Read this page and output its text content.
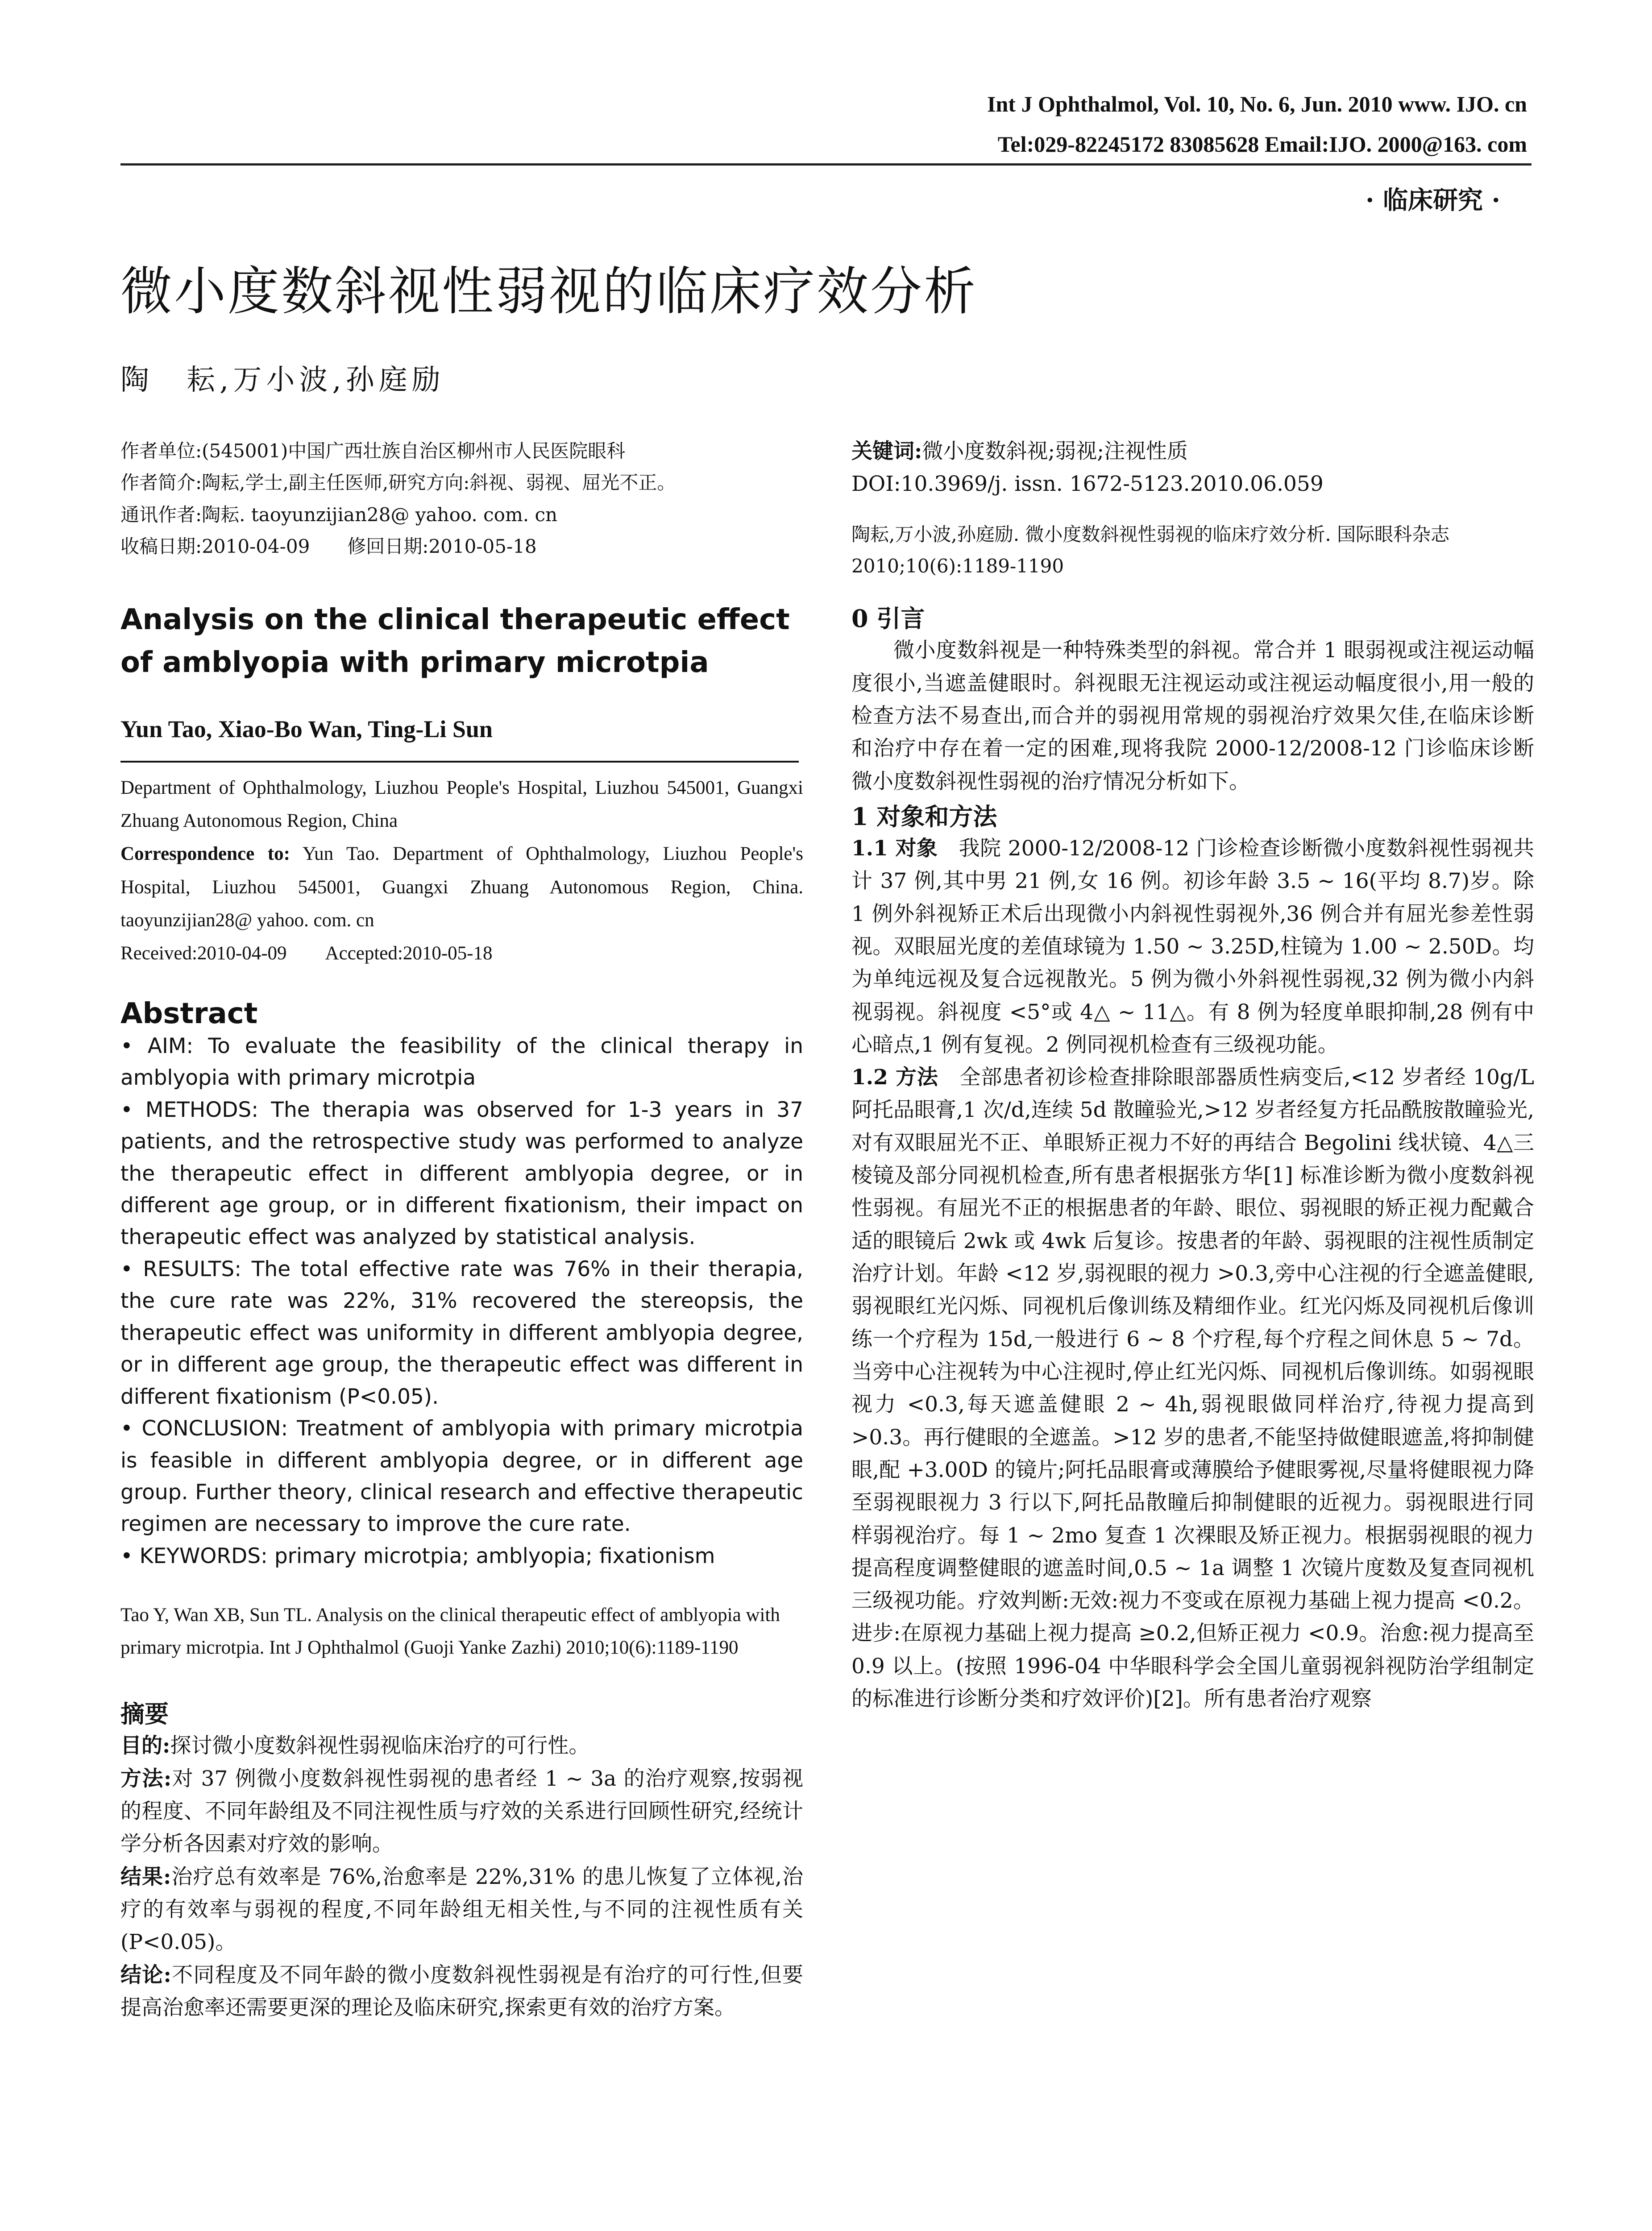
Int J Ophthalmol, Vol. 10, No. 6, Jun. 2010 www. IJO. cn
Tel:029-82245172 83085628 Email:IJO. 2000@163. com
· 临床研究 ·
微小度数斜视性弱视的临床疗效分析
陶　耘,万小波,孙庭励
作者单位:(545001)中国广西壮族自治区柳州市人民医院眼科
作者简介:陶耘,学士,副主任医师,研究方向:斜视、弱视、屈光不正。
通讯作者:陶耘. taoyunzijian28@ yahoo. com. cn
收稿日期:2010-04-09　　修回日期:2010-05-18
Analysis on the clinical therapeutic effect of amblyopia with primary microtpia
Yun Tao, Xiao-Bo Wan, Ting-Li Sun
Department of Ophthalmology, Liuzhou People's Hospital, Liuzhou 545001, Guangxi Zhuang Autonomous Region, China
Correspondence to: Yun Tao. Department of Ophthalmology, Liuzhou People's Hospital, Liuzhou 545001, Guangxi Zhuang Autonomous Region, China. taoyunzijian28@ yahoo. com. cn
Received:2010-04-09　　Accepted:2010-05-18
Abstract

• AIM: To evaluate the feasibility of the clinical therapy in amblyopia with primary microtpia

• METHODS: The therapia was observed for 1-3 years in 37 patients, and the retrospective study was performed to analyze the therapeutic effect in different amblyopia degree, or in different age group, or in different fixationism, their impact on therapeutic effect was analyzed by statistical analysis.

• RESULTS: The total effective rate was 76% in their therapia, the cure rate was 22%, 31% recovered the stereopsis, the therapeutic effect was uniformity in different amblyopia degree, or in different age group, the therapeutic effect was different in different fixationism (P<0.05).

• CONCLUSION: Treatment of amblyopia with primary microtpia is feasible in different amblyopia degree, or in different age group. Further theory, clinical research and effective therapeutic regimen are necessary to improve the cure rate.

• KEYWORDS: primary microtpia; amblyopia; fixationism

Tao Y, Wan XB, Sun TL. Analysis on the clinical therapeutic effect of amblyopia with primary microtpia. Int J Ophthalmol (Guoji Yanke Zazhi) 2010;10(6):1189-1190
摘要

目的:探讨微小度数斜视性弱视临床治疗的可行性。

方法:对 37 例微小度数斜视性弱视的患者经 1 ~ 3a 的治疗观察,按弱视的程度、不同年龄组及不同注视性质与疗效的关系进行回顾性研究,经统计学分析各因素对疗效的影响。

结果:治疗总有效率是 76%,治愈率是 22%,31% 的患儿恢复了立体视,治疗的有效率与弱视的程度,不同年龄组无相关性,与不同的注视性质有关(P<0.05)。

结论:不同程度及不同年龄的微小度数斜视性弱视是有治疗的可行性,但要提高治愈率还需要更深的理论及临床研究,探索更有效的治疗方案。

关键词:微小度数斜视;弱视;注视性质

DOI:10.3969/j. issn. 1672-5123.2010.06.059

陶耘,万小波,孙庭励. 微小度数斜视性弱视的临床疗效分析. 国际眼科杂志 2010;10(6):1189-1190
0 引言

微小度数斜视是一种特殊类型的斜视。常合并 1 眼弱视或注视运动幅度很小,当遮盖健眼时。斜视眼无注视运动或注视运动幅度很小,用一般的检查方法不易查出,而合并的弱视用常规的弱视治疗效果欠佳,在临床诊断和治疗中存在着一定的困难,现将我院 2000-12/2008-12 门诊临床诊断微小度数斜视性弱视的治疗情况分析如下。

1 对象和方法

1.1 对象　我院 2000-12/2008-12 门诊检查诊断微小度数斜视性弱视共计 37 例,其中男 21 例,女 16 例。初诊年龄 3.5 ~ 16(平均 8.7)岁。除 1 例外斜视矫正术后出现微小内斜视性弱视外,36 例合并有屈光参差性弱视。双眼屈光度的差值球镜为 1.50 ~ 3.25D,柱镜为 1.00 ~ 2.50D。均为单纯远视及复合远视散光。5 例为微小外斜视性弱视,32 例为微小内斜视弱视。斜视度 <5°或 4△ ~ 11△。有 8 例为轻度单眼抑制,28 例有中心暗点,1 例有复视。2 例同视机检查有三级视功能。

1.2 方法　全部患者初诊检查排除眼部器质性病变后,<12 岁者经 10g/L 阿托品眼膏,1 次/d,连续 5d 散瞳验光,>12 岁者经复方托品酰胺散瞳验光,对有双眼屈光不正、单眼矫正视力不好的再结合 Begolini 线状镜、4△三棱镜及部分同视机检查,所有患者根据张方华[1] 标准诊断为微小度数斜视性弱视。有屈光不正的根据患者的年龄、眼位、弱视眼的矫正视力配戴合适的眼镜后 2wk 或 4wk 后复诊。按患者的年龄、弱视眼的注视性质制定治疗计划。年龄 <12 岁,弱视眼的视力 >0.3,旁中心注视的行全遮盖健眼,弱视眼红光闪烁、同视机后像训练及精细作业。红光闪烁及同视机后像训练一个疗程为 15d,一般进行 6 ~ 8 个疗程,每个疗程之间休息 5 ~ 7d。当旁中心注视转为中心注视时,停止红光闪烁、同视机后像训练。如弱视眼视力 <0.3,每天遮盖健眼 2 ~ 4h,弱视眼做同样治疗,待视力提高到 >0.3。再行健眼的全遮盖。>12 岁的患者,不能坚持做健眼遮盖,将抑制健眼,配 +3.00D 的镜片;阿托品眼膏或薄膜给予健眼雾视,尽量将健眼视力降至弱视眼视力 3 行以下,阿托品散瞳后抑制健眼的近视力。弱视眼进行同样弱视治疗。每 1 ~ 2mo 复查 1 次裸眼及矫正视力。根据弱视眼的视力提高程度调整健眼的遮盖时间,0.5 ~ 1a 调整 1 次镜片度数及复查同视机三级视功能。疗效判断:无效:视力不变或在原视力基础上视力提高 <0.2。进步:在原视力基础上视力提高 ≥0.2,但矫正视力 <0.9。治愈:视力提高至 0.9 以上。(按照 1996-04 中华眼科学会全国儿童弱视斜视防治学组制定的标准进行诊断分类和疗效评价)[2]。所有患者治疗观察
